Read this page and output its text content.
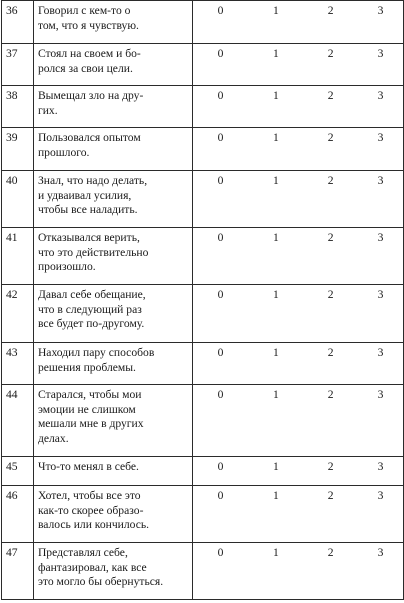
36	Говорил с кем-то о
том, что я чувствую.	0	1	2	3
37	Стоял на своем и бо-
ролся за свои цели.	0	1	2	3
38	Вымещал зло на дру-
гих.	0	1	2	3
39	Пользовался опытом
прошлого.	0	1	2	3
40	Знал, что надо делать,
и удваивал усилия,
чтобы все наладить.	0	1	2	3
41	Отказывался верить,
что это действительно
произошло.	0	1	2	3
42	Давал себе обещание,
что в следующий раз
все будет по-другому.	0	1	2	3
43	Находил пару способов
решения проблемы.	0	1	2	3
44	Старался, чтобы мои
эмоции не слишком
мешали мне в других
делах.	0	1	2	3
45	Что-то менял в себе.	0	1	2	3
46	Хотел, чтобы все это
как-то скорее образо-
валось или кончилось.	0	1	2	3
47	Представлял себе,
фантазировал, как все
это могло бы обернуться.	0	1	2	3
